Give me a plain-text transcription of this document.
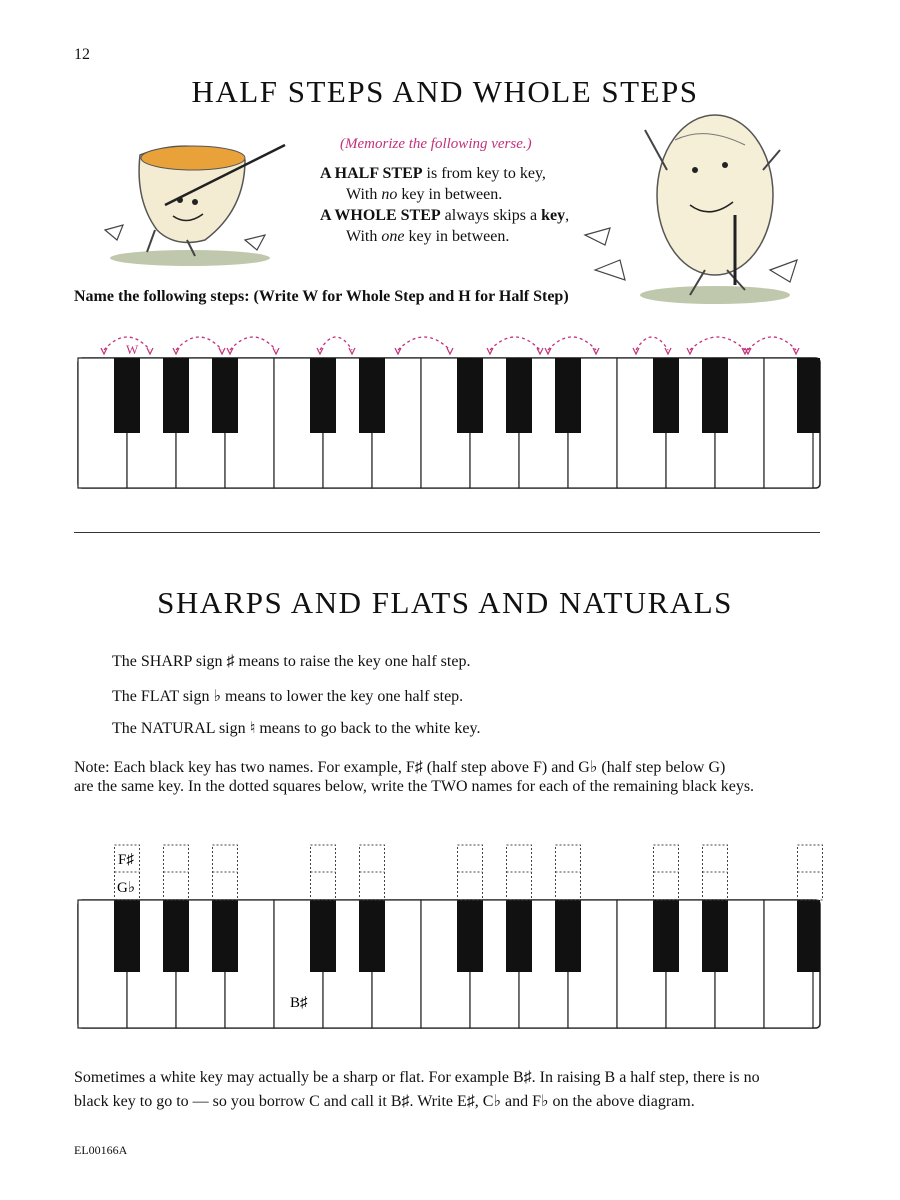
12
HALF STEPS AND WHOLE STEPS
(Memorize the following verse.)
A HALF STEP is from key to key,
With no key in between.
A WHOLE STEP always skips a key,
With one key in between.
Name the following steps: (Write W for Whole Step and H for Half Step)
W
SHARPS AND FLATS AND NATURALS
The SHARP sign ♯ means to raise the key one half step.
The FLAT sign ♭ means to lower the key one half step.
The NATURAL sign ♮ means to go back to the white key.
Note: Each black key has two names. For example, F♯ (half step above F) and G♭ (half step below G)
are the same key. In the dotted squares below, write the TWO names for each of the remaining black keys.
F♯
G♭
B♯
Sometimes a white key may actually be a sharp or flat. For example B♯. In raising B a half step, there is no
black key to go to — so you borrow C and call it B♯. Write E♯, C♭ and F♭ on the above diagram.
EL00166A
